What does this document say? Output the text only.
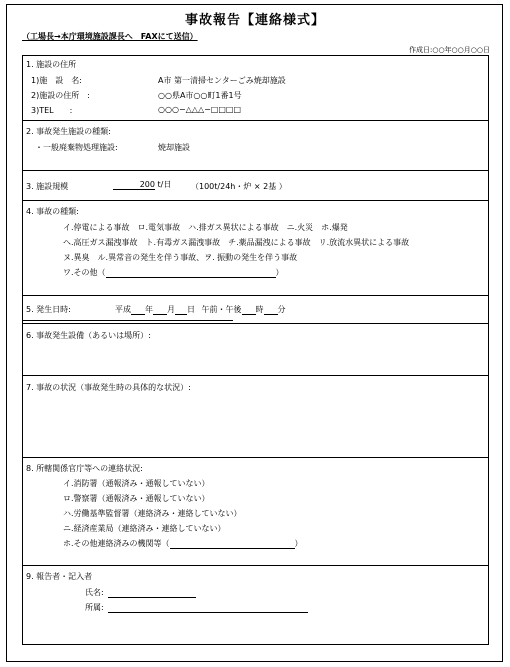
事故報告【連絡様式】
（工場長→本庁環境施設課長へ　FAXにて送信）
作成日:○○年○○月○○日
1. 施設の住所
1)施　設　名:	A市 第一清掃センターごみ焼却施設
2)施設の住所　:	○○県A市○○町1番1号
3)TEL　　:	○○○−△△△−□□□□
2. 事故発生施設の種類:
・一般廃棄物処理施設:	焼却施設
3. 施設規模	200 t/日 （100t/24h・炉 × 2基 ）
4. 事故の種類:
イ.停電による事故　ロ.電気事故　ハ.排ガス異状による事故　ニ.火災　ホ.爆発
ヘ.高圧ガス漏洩事故　ト.有毒ガス漏洩事故　チ.薬品漏洩による事故　リ.放流水異状による事故
ヌ.異臭　ル.異常音の発生を伴う事故、ヲ. 振動の発生を伴う事故
ワ.その他（	）
5. 発生日時:	平成 年 月 日 午前・午後 時 分
6. 事故発生設備（あるいは場所）:
7. 事故の状況（事故発生時の具体的な状況）:
8. 所轄関係官庁等への連絡状況:
イ.消防署（通報済み・通報していない）
ロ.警察署（通報済み・通報していない）
ハ.労働基準監督署（連絡済み・連絡していない）
ニ.経済産業局（連絡済み・連絡していない）
ホ.その他連絡済みの機関等（	）
9. 報告者・記入者
氏名:
所属:
